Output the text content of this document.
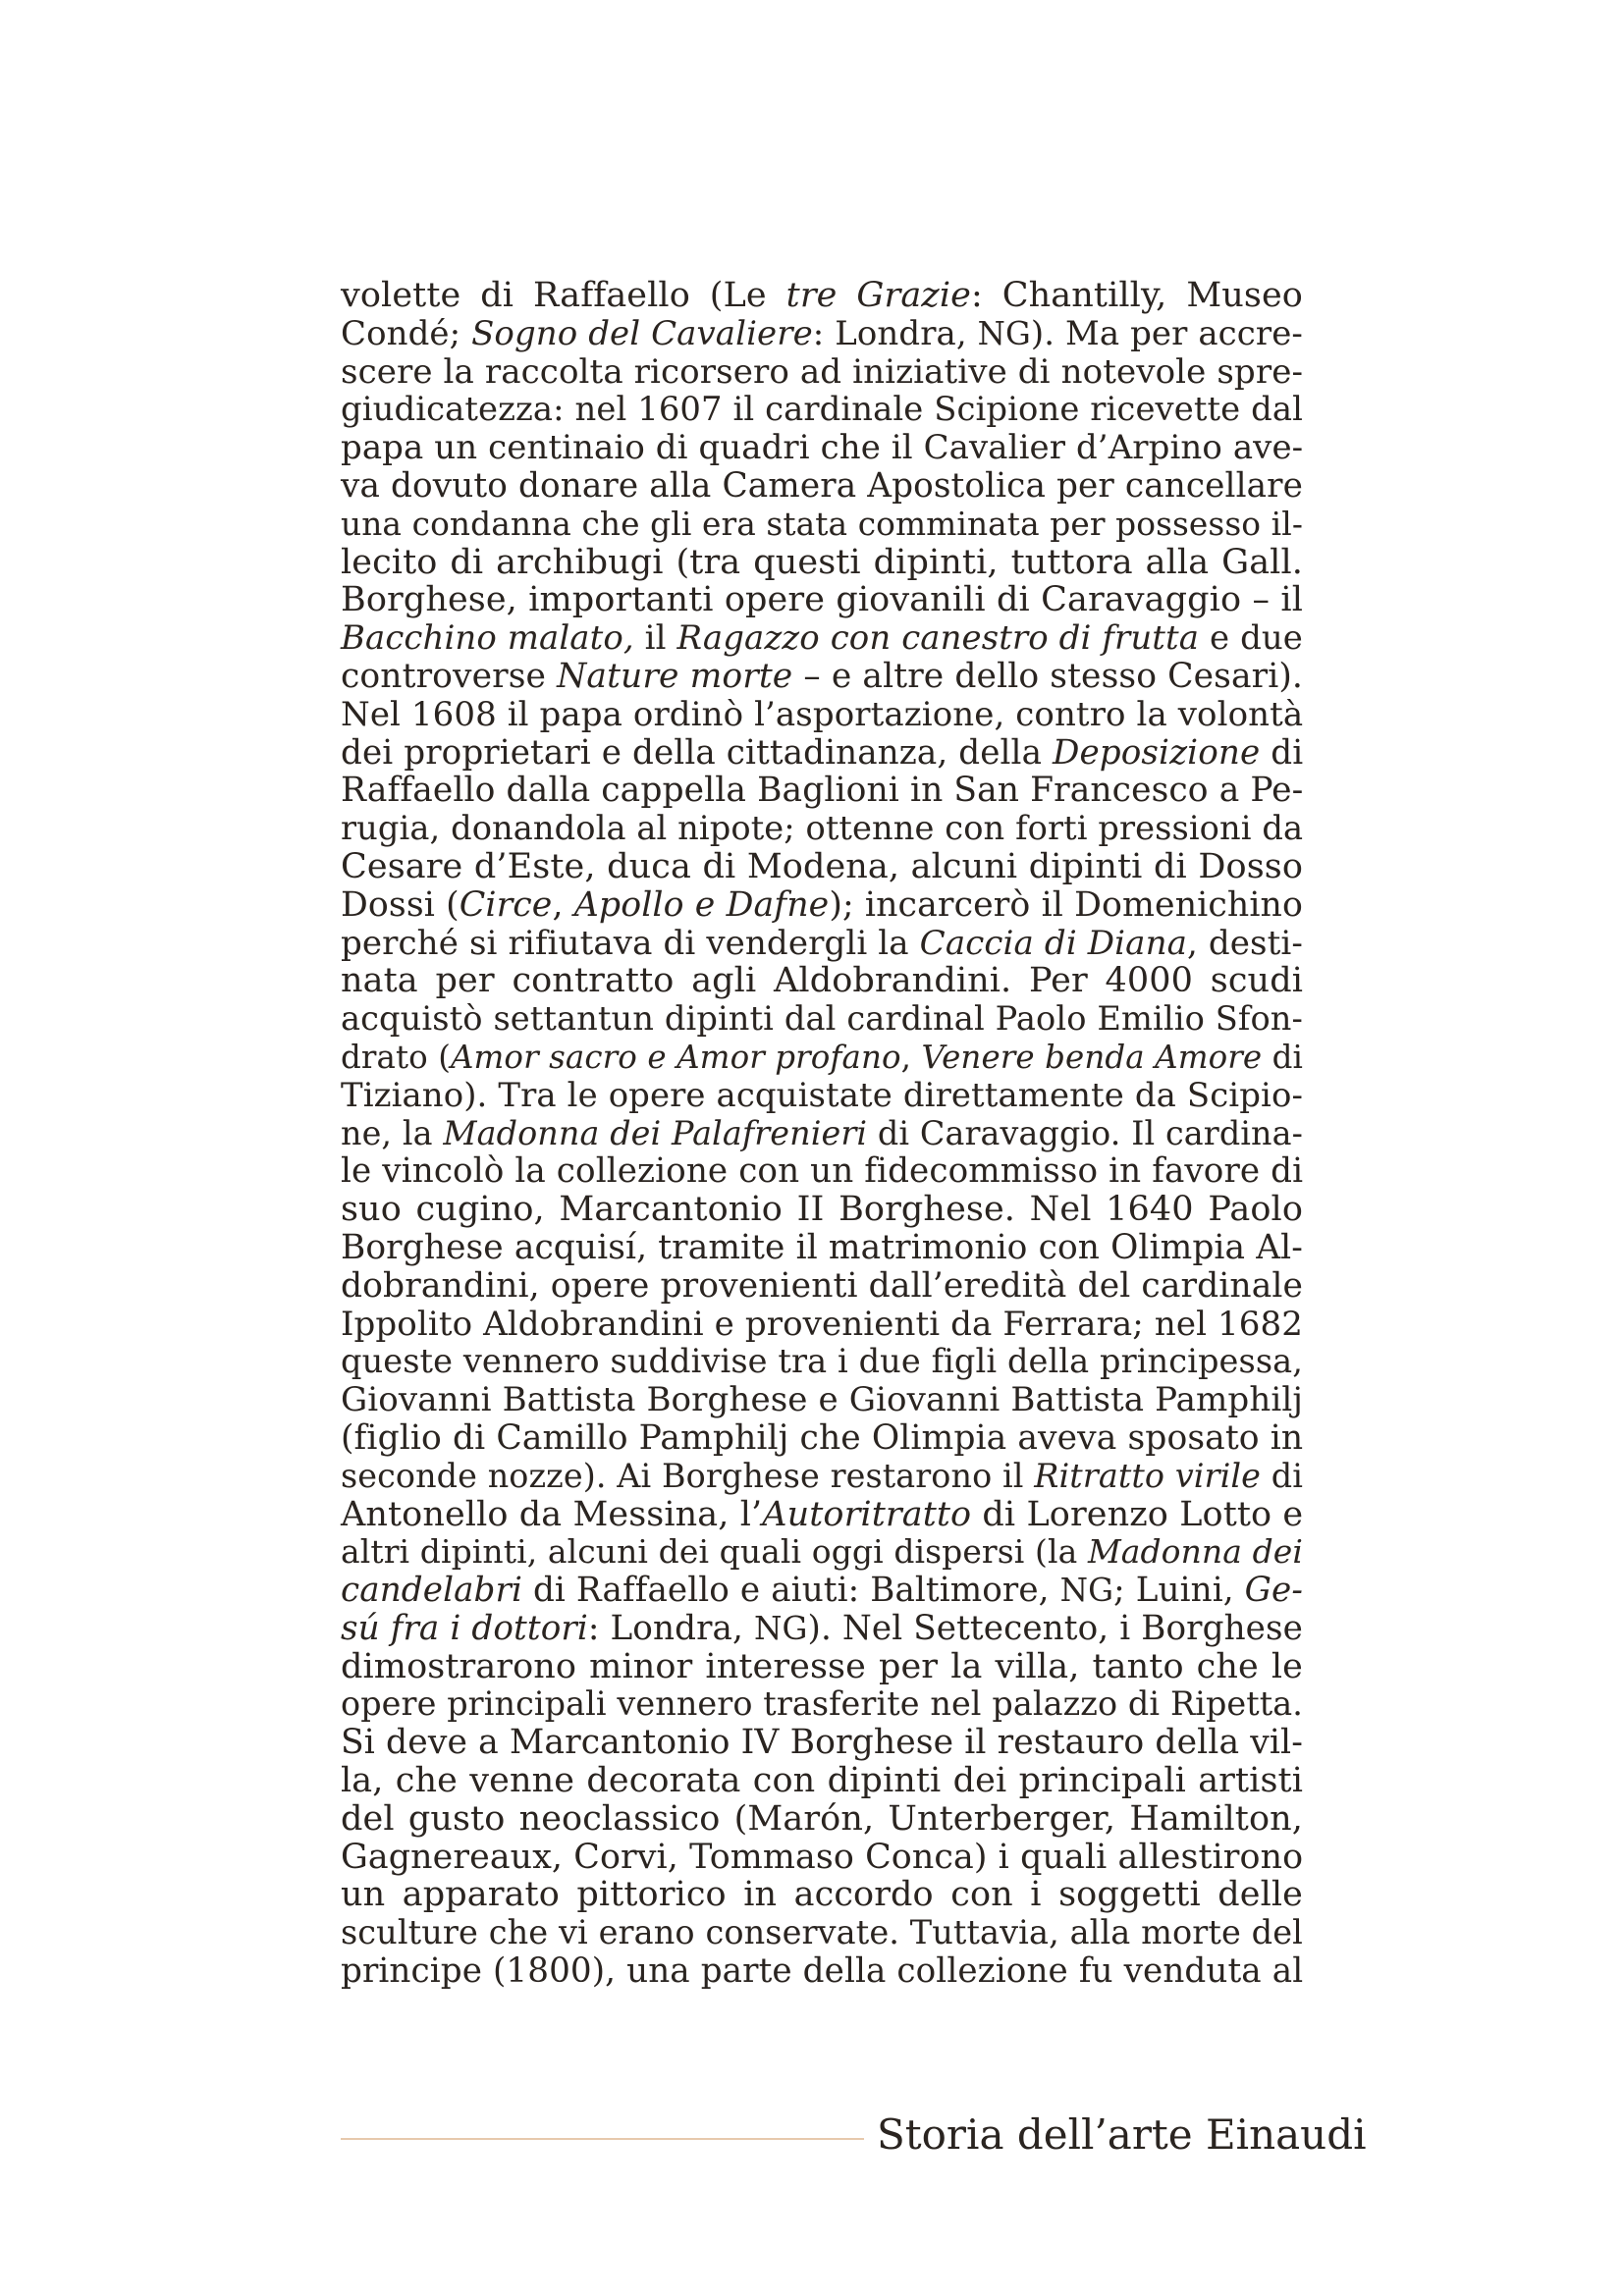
volette di Raffaello (Le tre Grazie: Chantilly, Museo
Condé; Sogno del Cavaliere: Londra, NG). Ma per accre-
scere la raccolta ricorsero ad iniziative di notevole spre-
giudicatezza: nel 1607 il cardinale Scipione ricevette dal
papa un centinaio di quadri che il Cavalier d’Arpino ave-
va dovuto donare alla Camera Apostolica per cancellare
una condanna che gli era stata comminata per possesso il-
lecito di archibugi (tra questi dipinti, tuttora alla Gall.
Borghese, importanti opere giovanili di Caravaggio – il
Bacchino malato, il Ragazzo con canestro di frutta e due
controverse Nature morte – e altre dello stesso Cesari).
Nel 1608 il papa ordinò l’asportazione, contro la volontà
dei proprietari e della cittadinanza, della Deposizione di
Raffaello dalla cappella Baglioni in San Francesco a Pe-
rugia, donandola al nipote; ottenne con forti pressioni da
Cesare d’Este, duca di Modena, alcuni dipinti di Dosso
Dossi (Circe, Apollo e Dafne); incarcerò il Domenichino
perché si rifiutava di vendergli la Caccia di Diana, desti-
nata per contratto agli Aldobrandini. Per 4000 scudi
acquistò settantun dipinti dal cardinal Paolo Emilio Sfon-
drato (Amor sacro e Amor profano, Venere benda Amore di
Tiziano). Tra le opere acquistate direttamente da Scipio-
ne, la Madonna dei Palafrenieri di Caravaggio. Il cardina-
le vincolò la collezione con un fidecommisso in favore di
suo cugino, Marcantonio II Borghese. Nel 1640 Paolo
Borghese acquisí, tramite il matrimonio con Olimpia Al-
dobrandini, opere provenienti dall’eredità del cardinale
Ippolito Aldobrandini e provenienti da Ferrara; nel 1682
queste vennero suddivise tra i due figli della principessa,
Giovanni Battista Borghese e Giovanni Battista Pamphilj
(figlio di Camillo Pamphilj che Olimpia aveva sposato in
seconde nozze). Ai Borghese restarono il Ritratto virile di
Antonello da Messina, l’Autoritratto di Lorenzo Lotto e
altri dipinti, alcuni dei quali oggi dispersi (la Madonna dei
candelabri di Raffaello e aiuti: Baltimore, NG; Luini, Ge-
sú fra i dottori: Londra, NG). Nel Settecento, i Borghese
dimostrarono minor interesse per la villa, tanto che le
opere principali vennero trasferite nel palazzo di Ripetta.
Si deve a Marcantonio IV Borghese il restauro della vil-
la, che venne decorata con dipinti dei principali artisti
del gusto neoclassico (Marón, Unterberger, Hamilton,
Gagnereaux, Corvi, Tommaso Conca) i quali allestirono
un apparato pittorico in accordo con i soggetti delle
sculture che vi erano conservate. Tuttavia, alla morte del
principe (1800), una parte della collezione fu venduta al
Storia dell’arte Einaudi
